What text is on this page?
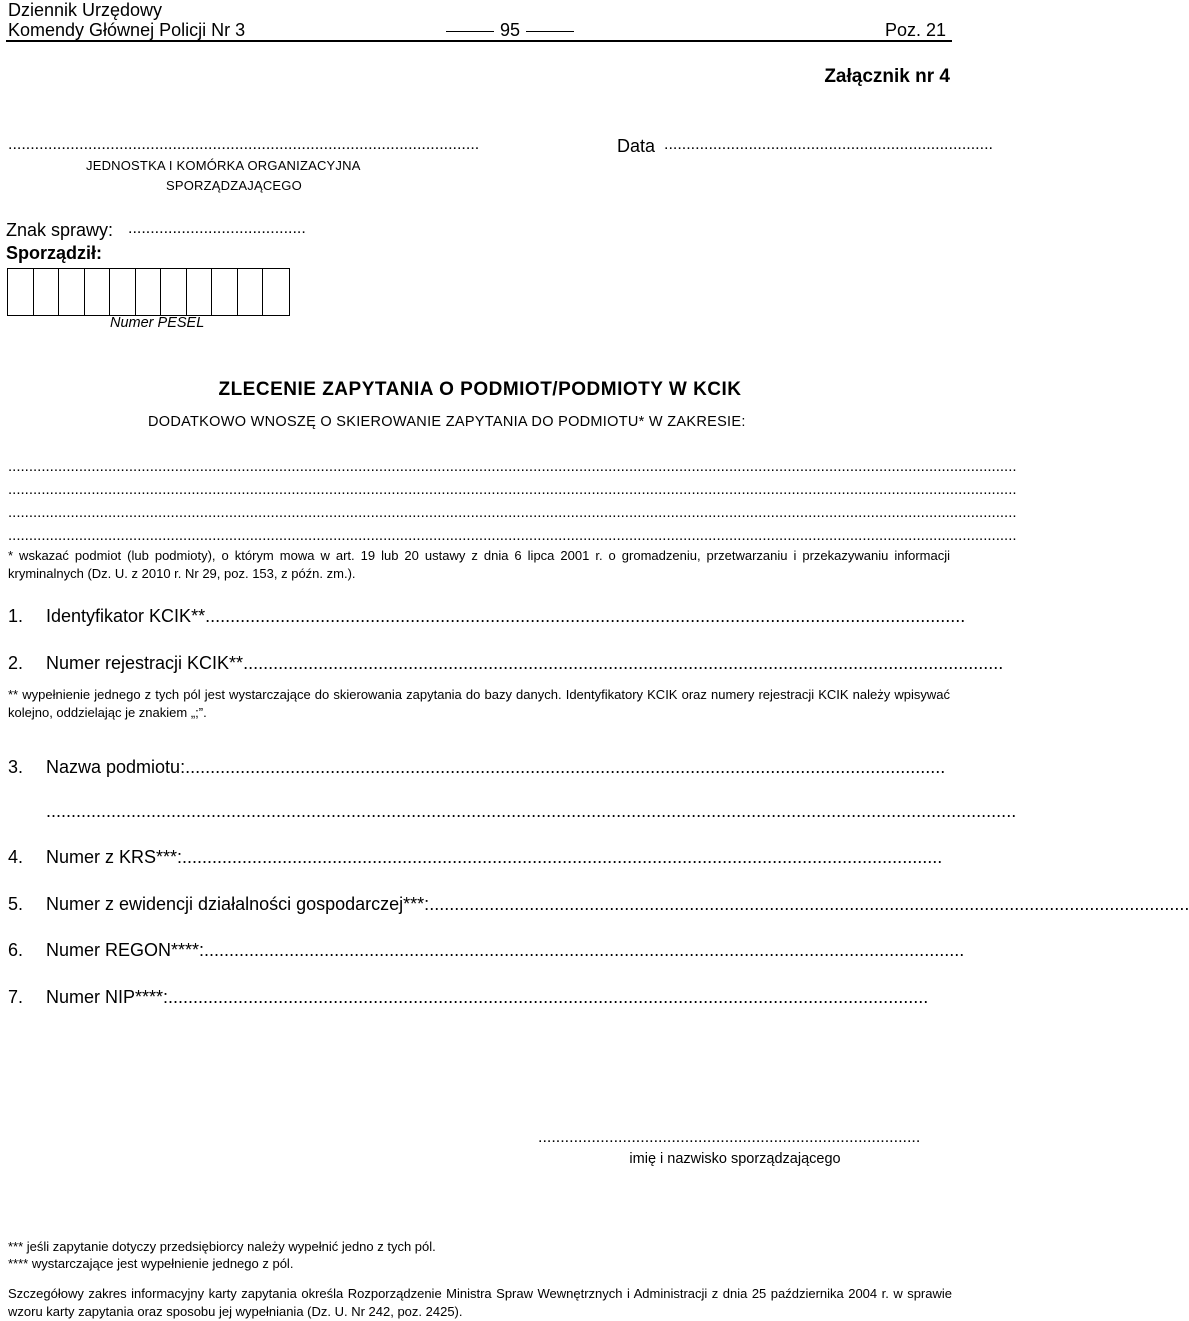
Dziennik Urzędowy
Komendy Głównej Policji Nr 3	95	Poz. 21
Załącznik nr 4
..........................................................................................................
JEDNOSTKA I KOMÓRKA ORGANIZACYJNA
SPORZĄDZAJĄCEGO
Data ..........................................................................
Znak sprawy: ........................................
Sporządził:
Numer PESEL
ZLECENIE ZAPYTANIA O PODMIOT/PODMIOTY W KCIK
DODATKOWO WNOSZĘ O SKIEROWANIE ZAPYTANIA DO PODMIOTU* W ZAKRESIE:
..................................................................................................................................................................................................................................................
..................................................................................................................................................................................................................................................
..................................................................................................................................................................................................................................................
..................................................................................................................................................................................................................................................
* wskazać podmiot (lub podmioty), o którym mowa w art. 19 lub 20 ustawy z dnia 6 lipca 2001 r. o gromadzeniu, przetwarzaniu i przekazywaniu informacji kryminalnych (Dz. U. z 2010 r. Nr 29, poz. 153, z późn. zm.).
1.	Identyfikator KCIK** ........................................................................................................................................................
2.	Numer rejestracji KCIK** ........................................................................................................................................................
** wypełnienie jednego z tych pól jest wystarczające do skierowania zapytania do bazy danych. Identyfikatory KCIK oraz numery rejestracji KCIK należy wpisywać kolejno, oddzielając je znakiem „;”.
3.	Nazwa podmiotu: ........................................................................................................................................................
..................................................................................................................................................................................................
4.	Numer z KRS***: ........................................................................................................................................................
5.	Numer z ewidencji działalności gospodarczej***: ........................................................................................................................................................
6.	Numer REGON****: ........................................................................................................................................................
7.	Numer NIP****: ........................................................................................................................................................
......................................................................................
imię i nazwisko sporządzającego
*** jeśli zapytanie dotyczy przedsiębiorcy należy wypełnić jedno z tych pól.
**** wystarczające jest wypełnienie jednego z pól.
Szczegółowy zakres informacyjny karty zapytania określa Rozporządzenie Ministra Spraw Wewnętrznych i Administracji z dnia 25 października 2004 r. w sprawie wzoru karty zapytania oraz sposobu jej wypełniania (Dz. U. Nr 242, poz. 2425).
